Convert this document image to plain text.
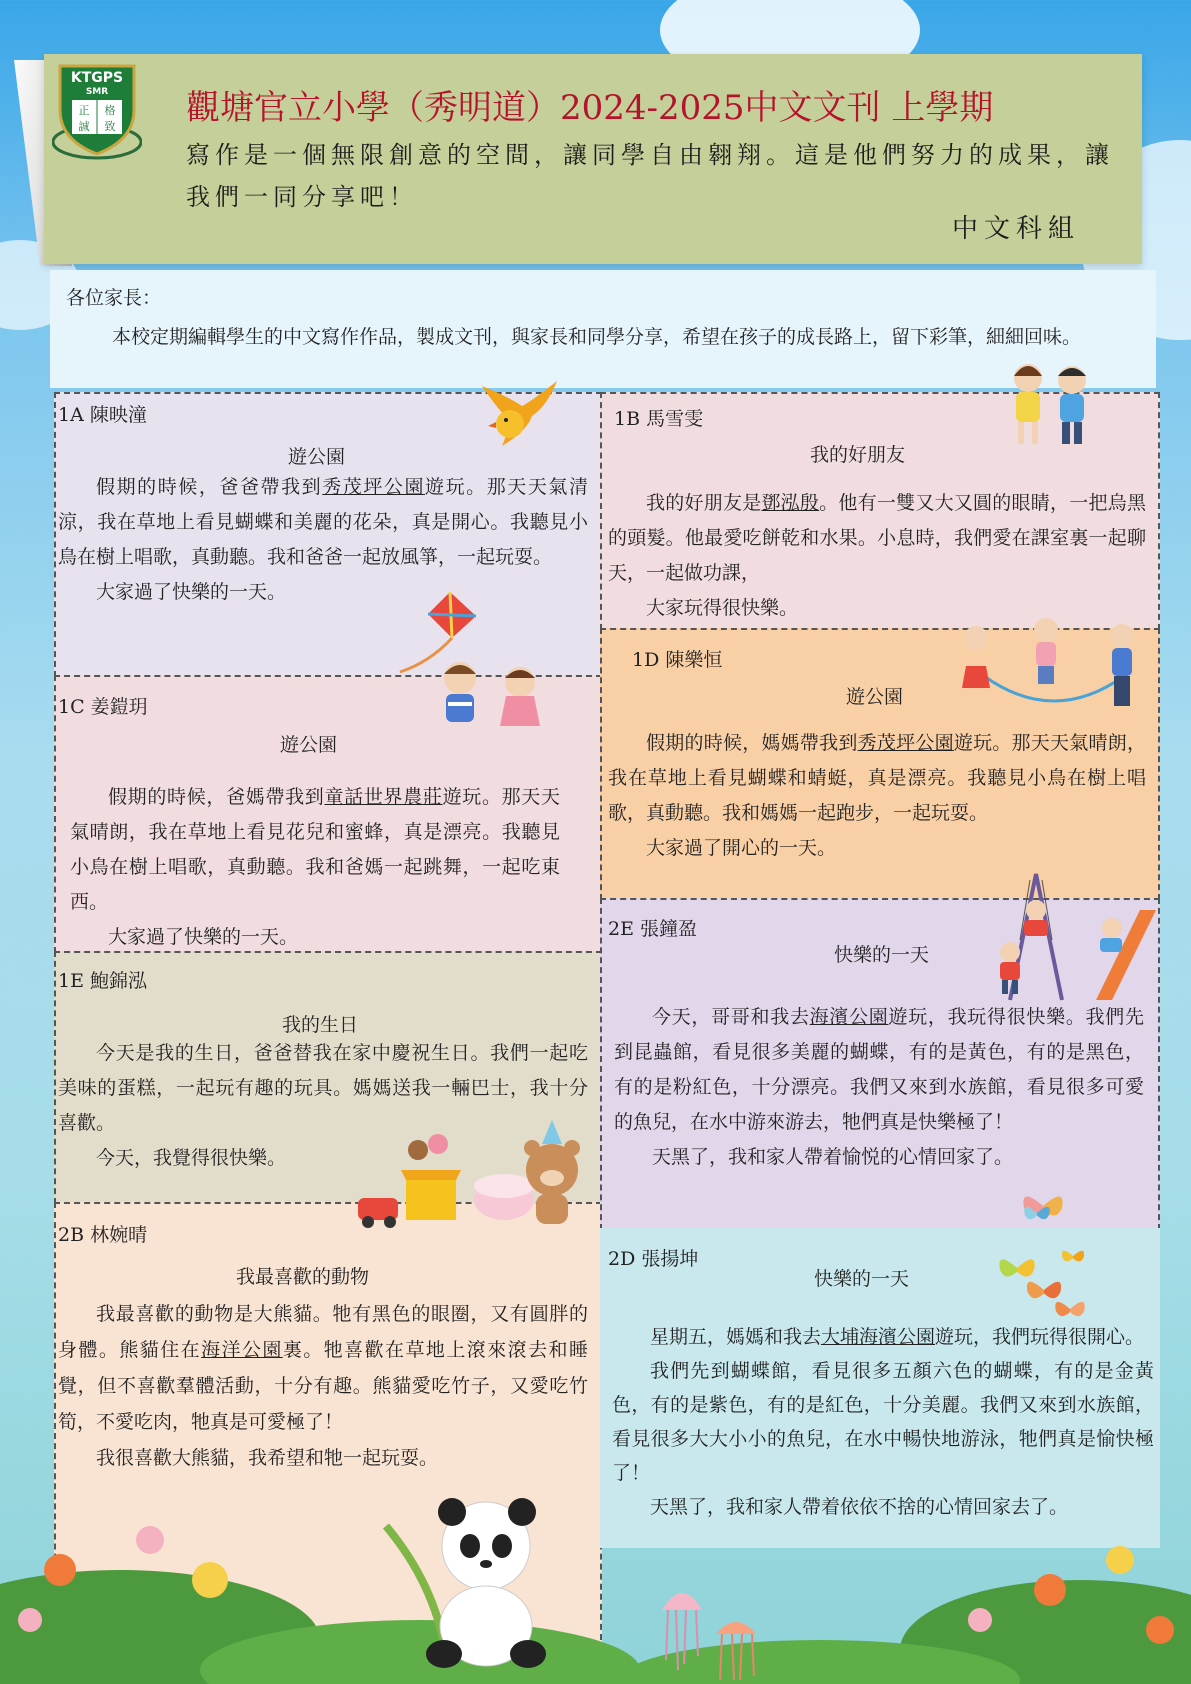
KTGPS
SMR
正 格
誠 致 觀塘官立小學（秀明道）2024-2025中文文刊 上學期
寫作是一個無限創意的空間，讓同學自由翱翔。這是他們努力的成果，讓我們一同分享吧！
中文科組
各位家長：
本校定期編輯學生的中文寫作作品，製成文刊，與家長和同學分享，希望在孩子的成長路上，留下彩筆，細細回味。
1A 陳映潼
遊公園

假期的時候，爸爸帶我到秀茂坪公園遊玩。那天天氣清涼，我在草地上看見蝴蝶和美麗的花朵，真是開心。我聽見小鳥在樹上唱歌，真動聽。我和爸爸一起放風箏，一起玩耍。

大家過了快樂的一天。

1B 馬雪雯
我的好朋友

我的好朋友是鄧泓殷。他有一雙又大又圓的眼睛，一把烏黑的頭髮。他最愛吃餅乾和水果。小息時，我們愛在課室裏一起聊天，一起做功課，

大家玩得很快樂。

1C 姜鎧玥
遊公園

假期的時候，爸媽帶我到童話世界農莊遊玩。那天天氣晴朗，我在草地上看見花兒和蜜蜂，真是漂亮。我聽見小鳥在樹上唱歌，真動聽。我和爸媽一起跳舞，一起吃東西。

大家過了快樂的一天。

1D 陳樂恒
遊公園

假期的時候，媽媽帶我到秀茂坪公園遊玩。那天天氣晴朗，我在草地上看見蝴蝶和蜻蜓，真是漂亮。我聽見小鳥在樹上唱歌，真動聽。我和媽媽一起跑步，一起玩耍。

大家過了開心的一天。

1E 鮑錦泓
我的生日

今天是我的生日，爸爸替我在家中慶祝生日。我們一起吃美味的蛋糕，一起玩有趣的玩具。媽媽送我一輛巴士，我十分喜歡。

今天，我覺得很快樂。

2E 張鐘盈
快樂的一天

今天，哥哥和我去海濱公園遊玩，我玩得很快樂。我們先到昆蟲館，看見很多美麗的蝴蝶，有的是黃色，有的是黑色，有的是粉紅色，十分漂亮。我們又來到水族館，看見很多可愛的魚兒，在水中游來游去，牠們真是快樂極了！

天黑了，我和家人帶着愉悦的心情回家了。

2B 林婉晴
我最喜歡的動物

我最喜歡的動物是大熊貓。牠有黑色的眼圈，又有圓胖的身體。熊貓住在海洋公園裏。牠喜歡在草地上滾來滾去和睡覺，但不喜歡羣體活動，十分有趣。熊貓愛吃竹子，又愛吃竹筍，不愛吃肉，牠真是可愛極了！

我很喜歡大熊貓，我希望和牠一起玩耍。

2D 張揚坤
快樂的一天

星期五，媽媽和我去大埔海濱公園遊玩，我們玩得很開心。

我們先到蝴蝶館，看見很多五顏六色的蝴蝶，有的是金黃色，有的是紫色，有的是紅色，十分美麗。我們又來到水族館，看見很多大大小小的魚兒，在水中暢快地游泳，牠們真是愉快極了！

天黑了，我和家人帶着依依不捨的心情回家去了。
